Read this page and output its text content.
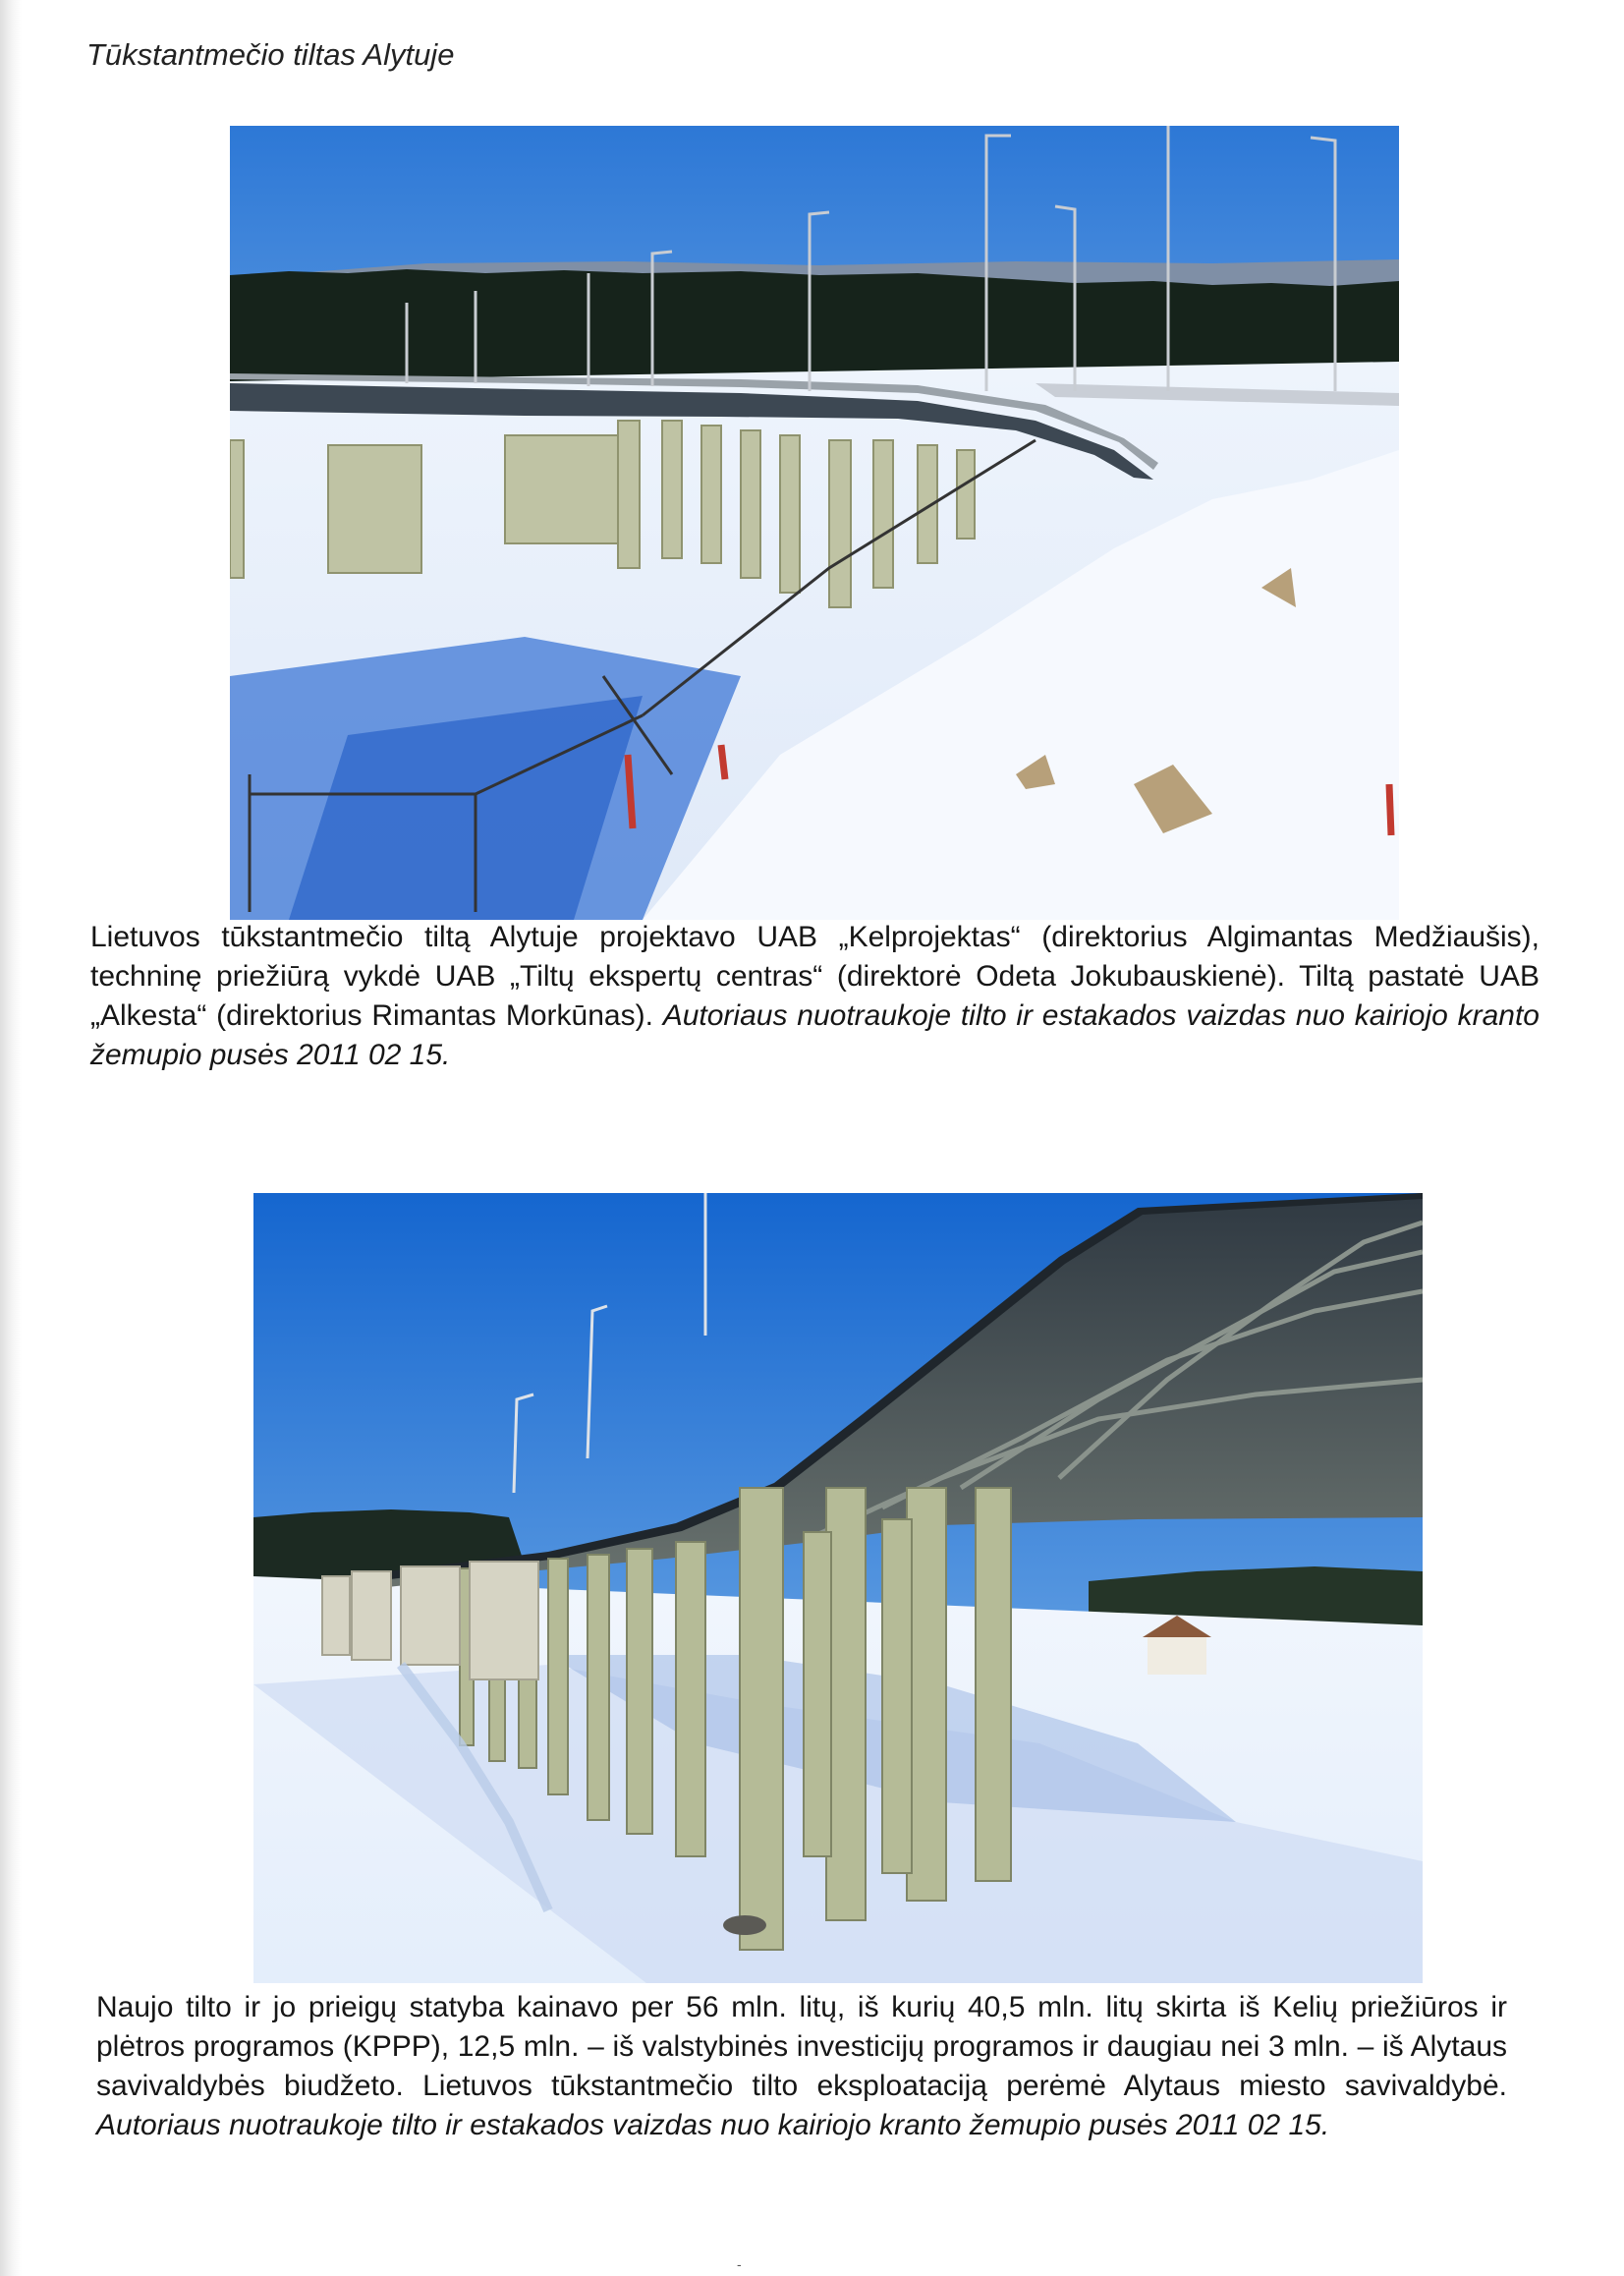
Tūkstantmečio tiltas Alytuje
Lietuvos tūkstantmečio tiltą Alytuje projektavo UAB „Kelprojektas“ (direktorius Algimantas Medžiaušis), techninę priežiūrą vykdė UAB „Tiltų ekspertų centras“ (direktorė Odeta Jokubauskienė). Tiltą pastatė UAB „Alkesta“ (direktorius Rimantas Morkūnas). Autoriaus nuotraukoje tilto ir estakados vaizdas nuo kairiojo kranto žemupio pusės 2011 02 15.
Naujo tilto ir jo prieigų statyba kainavo per 56 mln. litų, iš kurių 40,5 mln. litų skirta iš Kelių priežiūros ir plėtros programos (KPPP), 12,5 mln. – iš valstybinės investicijų programos ir daugiau nei 3 mln. – iš Alytaus savivaldybės biudžeto. Lietuvos tūkstantmečio tilto eksploataciją perėmė Alytaus miesto savivaldybė. Autoriaus nuotraukoje tilto ir estakados vaizdas nuo kairiojo kranto žemupio pusės 2011 02 15.
-
